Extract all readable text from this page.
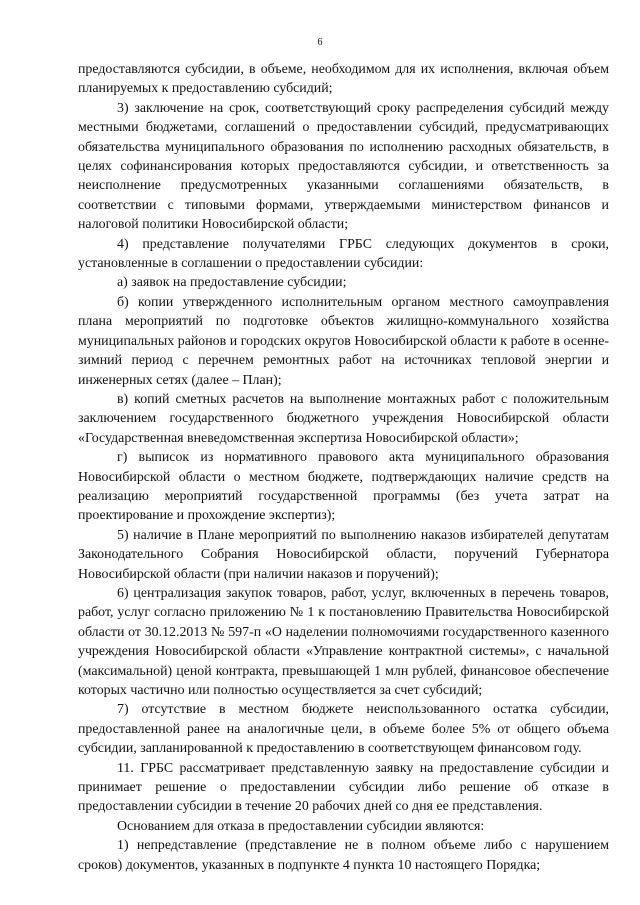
6

предоставляются субсидии, в объеме, необходимом для их исполнения, включая объем планируемых к предоставлению субсидий;

3) заключение на срок, соответствующий сроку распределения субсидий между местными бюджетами, соглашений о предоставлении субсидий, предусматривающих обязательства муниципального образования по исполнению расходных обязательств, в целях софинансирования которых предоставляются субсидии, и ответственность за неисполнение предусмотренных указанными соглашениями обязательств, в соответствии с типовыми формами, утверждаемыми министерством финансов и налоговой политики Новосибирской области;

4) представление получателями ГРБС следующих документов в сроки, установленные в соглашении о предоставлении субсидии:

а) заявок на предоставление субсидии;

б) копии утвержденного исполнительным органом местного самоуправления плана мероприятий по подготовке объектов жилищно-коммунального хозяйства муниципальных районов и городских округов Новосибирской области к работе в осенне-зимний период с перечнем ремонтных работ на источниках тепловой энергии и инженерных сетях (далее – План);

в) копий сметных расчетов на выполнение монтажных работ с положительным заключением государственного бюджетного учреждения Новосибирской области «Государственная вневедомственная экспертиза Новосибирской области»;

г) выписок из нормативного правового акта муниципального образования Новосибирской области о местном бюджете, подтверждающих наличие средств на реализацию мероприятий государственной программы (без учета затрат на проектирование и прохождение экспертиз);

5) наличие в Плане мероприятий по выполнению наказов избирателей депутатам Законодательного Собрания Новосибирской области, поручений Губернатора Новосибирской области (при наличии наказов и поручений);

6) централизация закупок товаров, работ, услуг, включенных в перечень товаров, работ, услуг согласно приложению № 1 к постановлению Правительства Новосибирской области от 30.12.2013 № 597-п «О наделении полномочиями государственного казенного учреждения Новосибирской области «Управление контрактной системы», с начальной (максимальной) ценой контракта, превышающей 1 млн рублей, финансовое обеспечение которых частично или полностью осуществляется за счет субсидий;

7) отсутствие в местном бюджете неиспользованного остатка субсидии, предоставленной ранее на аналогичные цели, в объеме более 5% от общего объема субсидии, запланированной к предоставлению в соответствующем финансовом году.

11. ГРБС рассматривает представленную заявку на предоставление субсидии и принимает решение о предоставлении субсидии либо решение об отказе в предоставлении субсидии в течение 20 рабочих дней со дня ее представления.

Основанием для отказа в предоставлении субсидии являются:

1) непредставление (представление не в полном объеме либо с нарушением сроков) документов, указанных в подпункте 4 пункта 10 настоящего Порядка;
